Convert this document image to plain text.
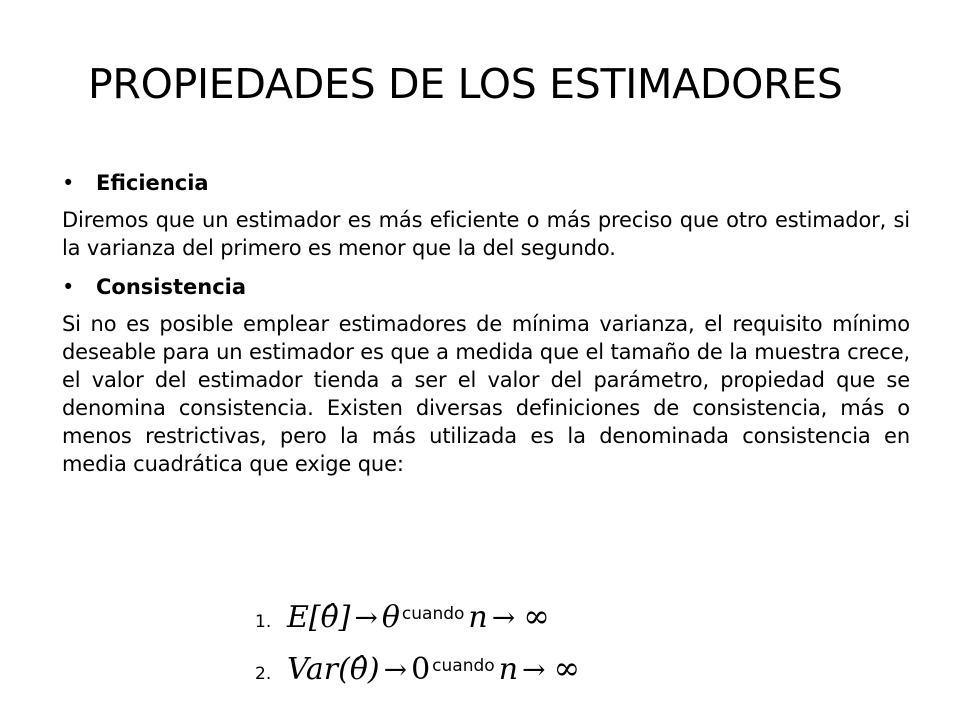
PROPIEDADES DE LOS ESTIMADORES
• Eficiencia

Diremos que un estimador es más eficiente o más preciso que otro estimador, si la varianza del primero es menor que la del segundo.

• Consistencia

Si no es posible emplear estimadores de mínima varianza, el requisito mínimo deseable para un estimador es que a medida que el tamaño de la muestra crece, el valor del estimador tienda a ser el valor del parámetro, propiedad que se denomina consistencia. Existen diversas definiciones de consistencia, más o menos restrictivas, pero la más utilizada es la denominada consistencia en media cuadrática que exige que:

1. E[θ̂] → θ cuando n → ∞
2. Var(θ̂) → 0 cuando n → ∞
